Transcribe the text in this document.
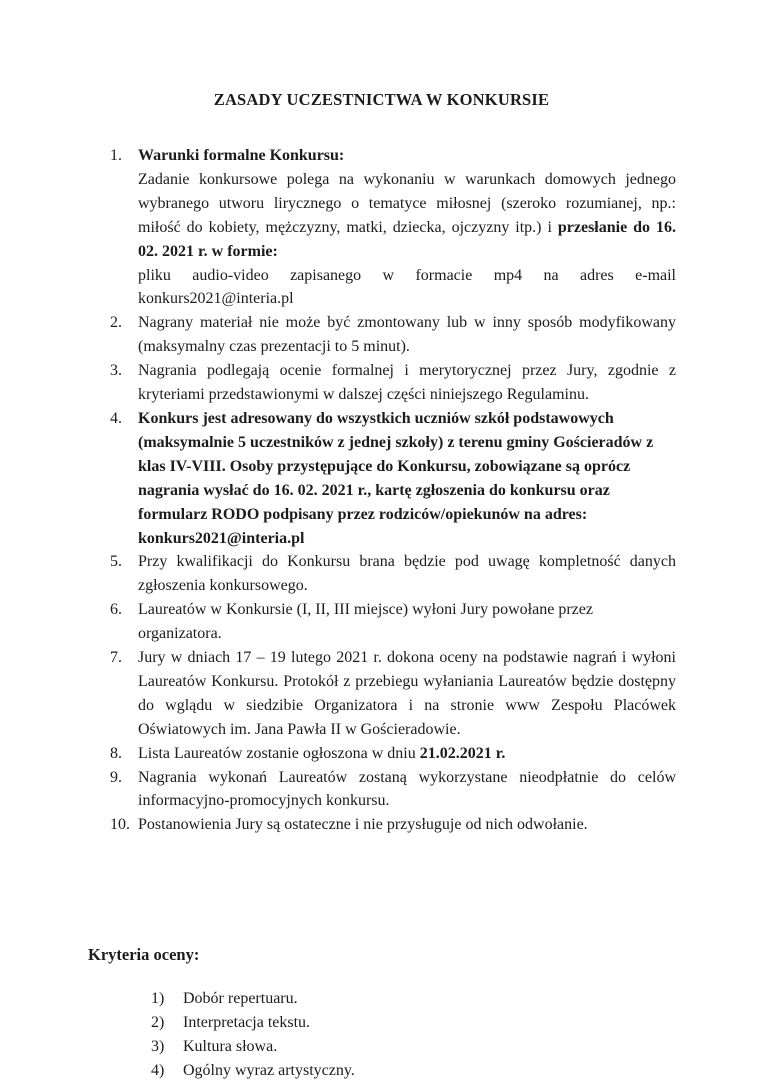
ZASADY UCZESTNICTWA W KONKURSIE
1. Warunki formalne Konkursu:
Zadanie konkursowe polega na wykonaniu w warunkach domowych jednego wybranego utworu lirycznego o tematyce miłosnej (szeroko rozumianej, np.: miłość do kobiety, mężczyzny, matki, dziecka, ojczyzny itp.) i przesłanie do 16. 02. 2021 r. w formie:
pliku audio-video zapisanego w formacie mp4 na adres e-mail konkurs2021@interia.pl
2. Nagrany materiał nie może być zmontowany lub w inny sposób modyfikowany (maksymalny czas prezentacji to 5 minut).
3. Nagrania podlegają ocenie formalnej i merytorycznej przez Jury, zgodnie z kryteriami przedstawionymi w dalszej części niniejszego Regulaminu.
4. Konkurs jest adresowany do wszystkich uczniów szkół podstawowych (maksymalnie 5 uczestników z jednej szkoły) z terenu gminy Gościeradów z klas IV-VIII. Osoby przystępujące do Konkursu, zobowiązane są oprócz nagrania wysłać do 16. 02. 2021 r., kartę zgłoszenia do konkursu oraz formularz RODO podpisany przez rodziców/opiekunów na adres: konkurs2021@interia.pl
5. Przy kwalifikacji do Konkursu brana będzie pod uwagę kompletność danych zgłoszenia konkursowego.
6. Laureatów w Konkursie (I, II, III miejsce) wyłoni Jury powołane przez organizatora.
7. Jury w dniach 17 – 19 lutego 2021 r. dokona oceny na podstawie nagrań i wyłoni Laureatów Konkursu. Protokół z przebiegu wyłaniania Laureatów będzie dostępny do wglądu w siedzibie Organizatora i na stronie www Zespołu Placówek Oświatowych im. Jana Pawła II w Gościeradowie.
8. Lista Laureatów zostanie ogłoszona w dniu 21.02.2021 r.
9. Nagrania wykonań Laureatów zostaną wykorzystane nieodpłatnie do celów informacyjno-promocyjnych konkursu.
10. Postanowienia Jury są ostateczne i nie przysługuje od nich odwołanie.
Kryteria oceny:
1) Dobór repertuaru.
2) Interpretacja tekstu.
3) Kultura słowa.
4) Ogólny wyraz artystyczny.
